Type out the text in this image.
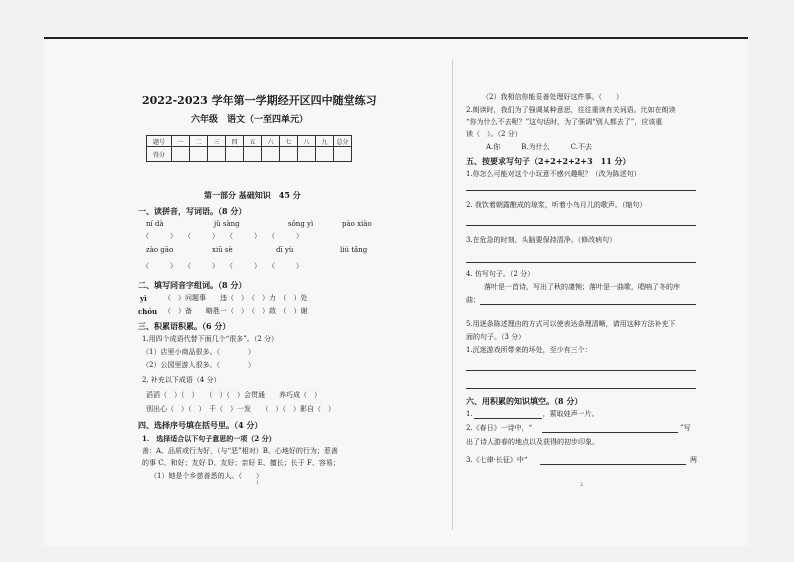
2022-2023 学年第一学期经开区四中随堂练习
六年级　语文（一至四单元）
题号	一	二	三	四	五	六	七	八	九	总分
得分										
第一部分 基础知识　45 分
一、读拼音，写词语。（8 分）
ní dà	jǔ sàng	sǒng yì	pào xiào
（　　　）　　（　　　）　　（　　　）　　（　　　）
zào gāo	xiū sè	dī yù	liú tǎng
（　　　）　　（　　　）　　（　　　）　　（　　　）
二、填写同音字组词。（8 分）
yì （　）问题事　　违（　）　（　）力　（　）处
chóu （　）备　　略胜一（　）　（　）敌　（　）谢
三、积累语积累。（6 分）
1.用四个成语代替下面几个“很多”。（2 分）
（1）店里小商品很多。（　　　　）
（2）公园里游人很多。（　　　　）
2. 补充以下成语（4 分）
滔滔（　）（　）　　（　）（　）会贯通　　养巧成（　）
别出心（　）（　）　千（　）一发　　（　）（　）影自（　）
四、选择序号填在括号里。（4 分）
1.　选择适合以下句子意思的一项（2 分）
善：A、品质或行为好，（与“恶”相对）B、心地好的行为；惹善
的事 C、和好；友好 D、友好；亲好 E、擅长；长于 F、容易；
（1）她是个乡慈善悉的人。（　　）
1
（2）我相信你能妥善处理好这件事。（　　）
2.朗读时，我们为了强调某种意思，往往重读有关词语。比如在朗读
“你为什么不去呢？”这句话时，为了强调“别人都去了”，应该重
读（　）。（2 分）
A.你　　　B.为什么　　　C.不去
五、按要求写句子（2+2+2+2+3　11 分）
1.你怎么可能对这个小玩意不感兴趣呢？（改为陈述句）
2. 我饮着朝露酿成的琼浆，听着小鸟月儿的歌声。（缩句）
3.在危急的时刻，头脑要保持清净。（修改病句）
4. 仿写句子。（2 分）
落叶是一首诗，写出了秋的凄惋；落叶是一曲歌，唱响了冬的序
曲；
5.用逐条陈述理由的方式可以使表达条理清晰，请用这种方法补充下
面的句子。（3 分）
1.沉迷游戏所带来的坏处，至少有三个：
六、用积累的知识填空。（8 分）
1.　　　　　　　　　　，萦取娃声一片。
2.《春日》一诗中，“	”写
出了诗人游春的地点以及获得的初步印象。
3.《七律·长征》中“	两
2
